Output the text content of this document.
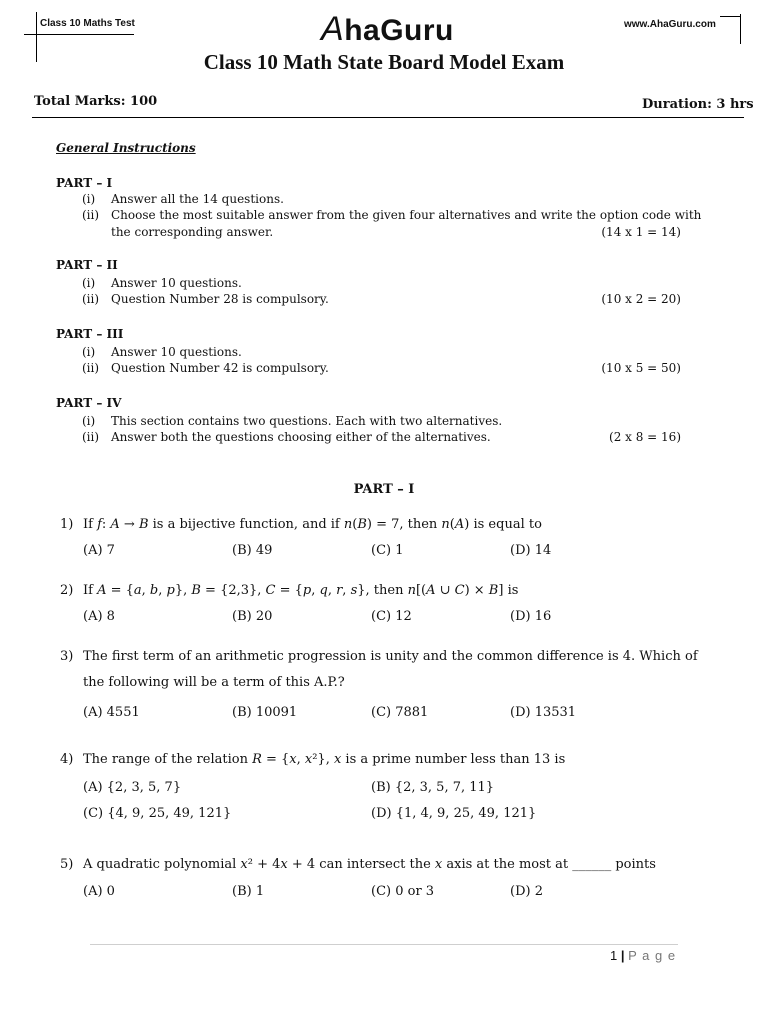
Class 10 Maths Test	AhaGuru	www.AhaGuru.com
Class 10 Math State Board Model Exam
Total Marks: 100	Duration: 3 hrs
General Instructions
PART – I
(i) Answer all the 14 questions.
(ii) Choose the most suitable answer from the given four alternatives and write the option code with
the corresponding answer.	(14 x 1 = 14)
PART – II
(i) Answer 10 questions.
(ii) Question Number 28 is compulsory.	(10 x 2 = 20)
PART – III
(i) Answer 10 questions.
(ii) Question Number 42 is compulsory.	(10 x 5 = 50)
PART – IV
(i) This section contains two questions. Each with two alternatives.
(ii) Answer both the questions choosing either of the alternatives.	(2 x 8 = 16)
PART – I
1) If 𝑓: 𝐴 → 𝐵 is a bijective function, and if 𝑛(𝐵) = 7, then 𝑛(𝐴) is equal to
(A) 7	(B) 49	(C) 1	(D) 14
2) If 𝐴 = {𝑎, 𝑏, 𝑝}, 𝐵 = {2,3}, 𝐶 = {𝑝, 𝑞, 𝑟, 𝑠}, then 𝑛[(𝐴 ∪ 𝐶) × 𝐵] is
(A) 8	(B) 20	(C) 12	(D) 16
3) The first term of an arithmetic progression is unity and the common difference is 4. Which of
the following will be a term of this A.P.?
(A) 4551	(B) 10091	(C) 7881	(D) 13531
4) The range of the relation 𝑅 = {𝑥, 𝑥²}, 𝑥 is a prime number less than 13 is
(A) {2, 3, 5, 7}	(B) {2, 3, 5, 7, 11}
(C) {4, 9, 25, 49, 121}	(D) {1, 4, 9, 25, 49, 121}
5) A quadratic polynomial 𝑥² + 4𝑥 + 4 can intersect the 𝑥 axis at the most at ______ points
(A) 0	(B) 1	(C) 0 or 3	(D) 2
1 | P a g e
